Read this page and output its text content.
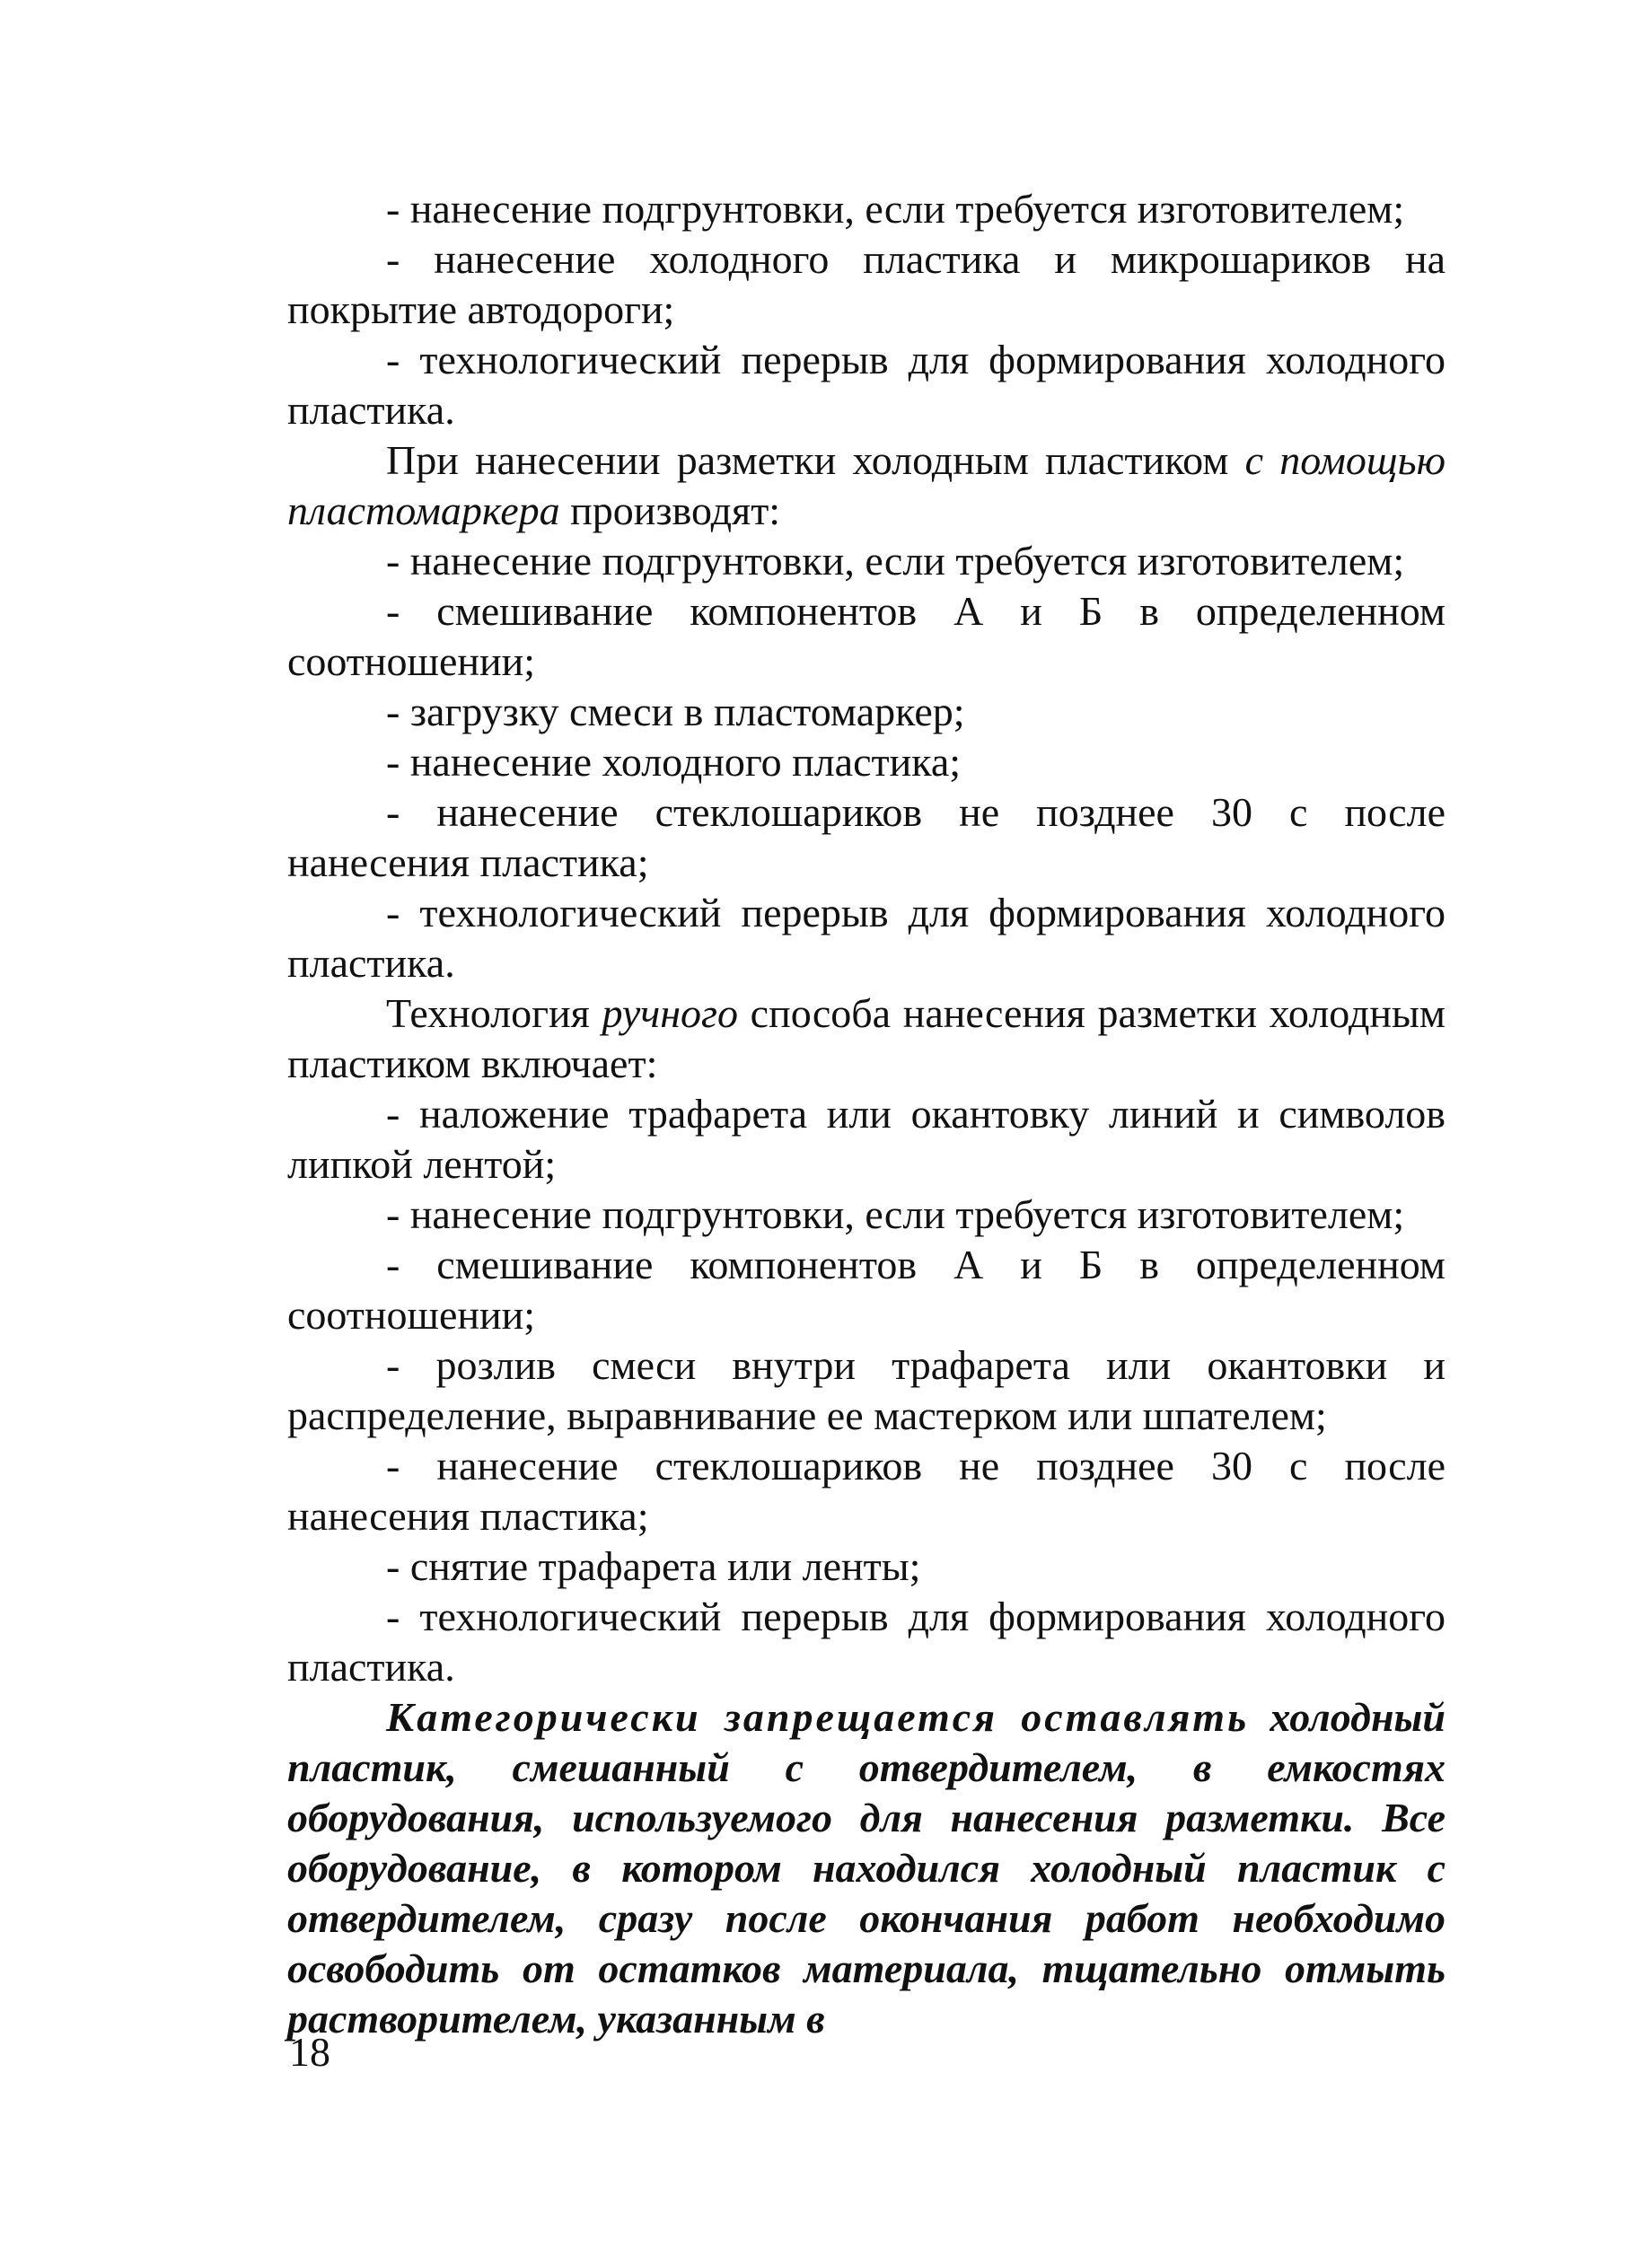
- нанесение подгрунтовки, если требуется изготовителем;

- нанесение холодного пластика и микрошариков на покрытие автодороги;

- технологический перерыв для формирования холодного пластика.

При нанесении разметки холодным пластиком с помощью пластомаркера производят:

- нанесение подгрунтовки, если требуется изготовителем;

- смешивание компонентов А и Б в определенном соотношении;

- загрузку смеси в пластомаркер;

- нанесение холодного пластика;

- нанесение стеклошариков не позднее 30 с после нанесения пластика;

- технологический перерыв для формирования холодного пластика.

Технология ручного способа нанесения разметки холодным пластиком включает:

- наложение трафарета или окантовку линий и символов липкой лентой;

- нанесение подгрунтовки, если требуется изготовителем;

- смешивание компонентов А и Б в определенном соотношении;

- розлив смеси внутри трафарета или окантовки и распределение, выравнивание ее мастерком или шпателем;

- нанесение стеклошариков не позднее 30 с после нанесения пластика;

- снятие трафарета или ленты;

- технологический перерыв для формирования холодного пластика.

Категорически запрещается оставлять холодный пластик, смешанный с отвердителем, в емкостях оборудования, используемого для нанесения разметки. Все оборудование, в котором находился холодный пластик с отвердителем, сразу после окончания работ необходимо освободить от остатков материала, тщательно отмыть растворителем, указанным в

18
